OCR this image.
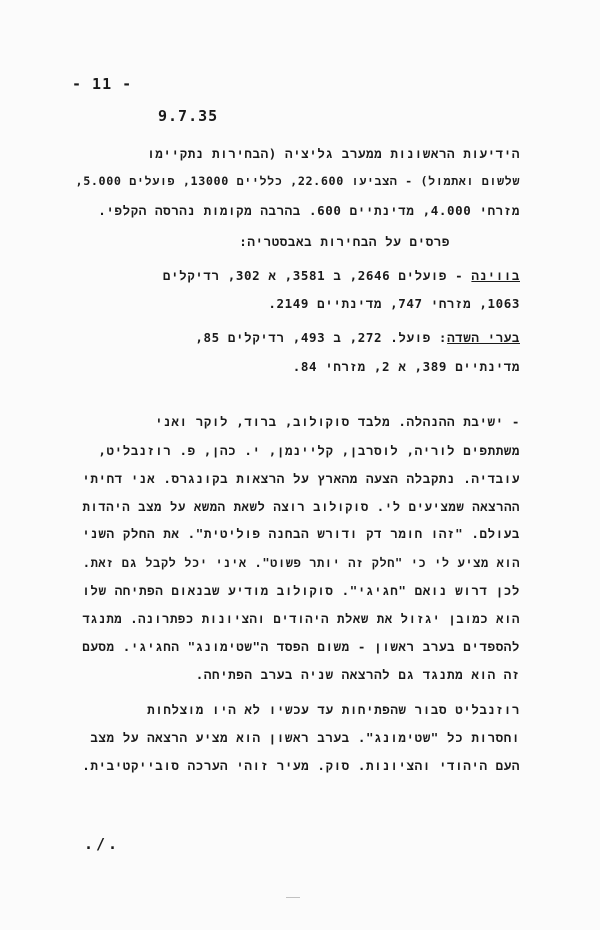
- 11 -
9.7.35
הידיעות הראשונות ממערב גליציה (הבחירות נתקיימו
שלשום ואתמול) - הצביעו 22.600, כלליים 13000, פועלים 5.000,
מזרחי 4.000, מדינתיים 600. בהרבה מקומות נהרסה הקלפי.
פרסים על הבחירות באבסטריה:
בווינה - פועלים 2646, ב 3581, א 302, רדיקלים
1063, מזרחי 747, מדינתיים 2149.
בערי השדה: פועל. 272, ב 493, רדיקלים 85,
מדינתיים 389, א 2, מזרחי 84.
- ישיבת ההנהלה. מלבד סוקולוב, ברוד, לוקר ואני
משתתפים לוריה, לוסרבן, קליינמן, י. כהן, פ. רוזנבליט,
עובדיה. נתקבלה הצעה מהארץ על הרצאות בקונגרס. אני דחיתי
ההרצאה שמציעים לי. סוקולוב רוצה לשאת המשא על מצב היהדות
בעולם. "זהו חומר דק ודורש הבחנה פוליטית". את החלק השני
הוא מציע לי כי "חלק זה יותר פשוט". איני יכל לקבל גם זאת.
לכן דרוש נואם "חגיגי". סוקולוב מודיע שבנאום הפתיחה שלו
הוא כמובן יגזול את שאלת היהודים והציונות כפתרונה. מתנגד
להספדים בערב ראשון - משום הפסד ה"שטימונג" החגיגי. מסעם
זה הוא מתנגד גם להרצאה שניה בערב הפתיחה.
רוזנבליט סבור שהפתיחות עד עכשיו לא היו מוצלחות
וחסרות כל "שטימונג". בערב ראשון הוא מציע הרצאה על מצב
העם היהודי והציונות. סוק. מעיר זוהי הערכה סובייקטיבית.
./.
